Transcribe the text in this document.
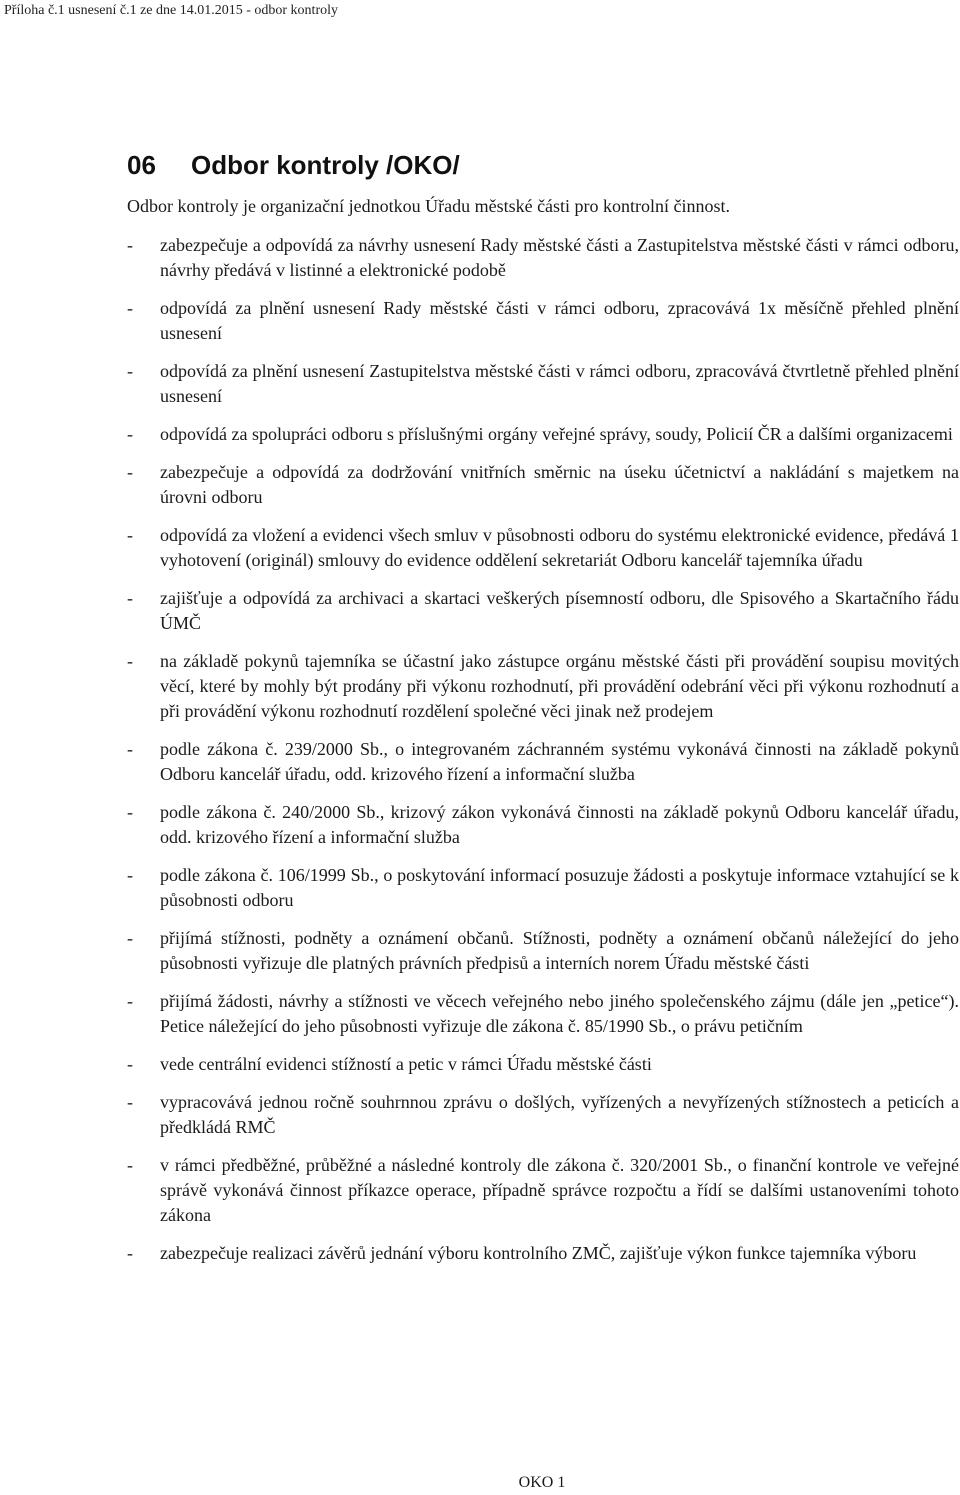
Příloha č.1 usnesení č.1 ze dne 14.01.2015 - odbor kontroly
06 Odbor kontroly /OKO/
Odbor kontroly je organizační jednotkou Úřadu městské části pro kontrolní činnost.
- zabezpečuje a odpovídá za návrhy usnesení Rady městské části a Zastupitelstva městské části v rámci odboru, návrhy předává v listinné a elektronické podobě
- odpovídá za plnění usnesení Rady městské části v rámci odboru, zpracovává 1x měsíčně přehled plnění usnesení
- odpovídá za plnění usnesení Zastupitelstva městské části v rámci odboru, zpracovává čtvrtletně přehled plnění usnesení
- odpovídá za spolupráci odboru s příslušnými orgány veřejné správy, soudy, Policií ČR a dalšími organizacemi
- zabezpečuje a odpovídá za dodržování vnitřních směrnic na úseku účetnictví a nakládání s majetkem na úrovni odboru
- odpovídá za vložení a evidenci všech smluv v působnosti odboru do systému elektronické evidence, předává 1 vyhotovení (originál) smlouvy do evidence oddělení sekretariát Odboru kancelář tajemníka úřadu
- zajišťuje a odpovídá za archivaci a skartaci veškerých písemností odboru, dle Spisového a Skartačního řádu ÚMČ
- na základě pokynů tajemníka se účastní jako zástupce orgánu městské části při provádění soupisu movitých věcí, které by mohly být prodány při výkonu rozhodnutí, při provádění odebrání věci při výkonu rozhodnutí a při provádění výkonu rozhodnutí rozdělení společné věci jinak než prodejem
- podle zákona č. 239/2000 Sb., o integrovaném záchranném systému vykonává činnosti na základě pokynů Odboru kancelář úřadu, odd. krizového řízení a informační služba
- podle zákona č. 240/2000 Sb., krizový zákon vykonává činnosti na základě pokynů Odboru kancelář úřadu, odd. krizového řízení a informační služba
- podle zákona č. 106/1999 Sb., o poskytování informací posuzuje žádosti a poskytuje informace vztahující se k působnosti odboru
- přijímá stížnosti, podněty a oznámení občanů. Stížnosti, podněty a oznámení občanů náležející do jeho působnosti vyřizuje dle platných právních předpisů a interních norem Úřadu městské části
- přijímá žádosti, návrhy a stížnosti ve věcech veřejného nebo jiného společenského zájmu (dále jen „petice“). Petice náležející do jeho působnosti vyřizuje dle zákona č. 85/1990 Sb., o právu petičním
- vede centrální evidenci stížností a petic v rámci Úřadu městské části
- vypracovává jednou ročně souhrnnou zprávu o došlých, vyřízených a nevyřízených stížnostech a peticích a předkládá RMČ
- v rámci předběžné, průběžné a následné kontroly dle zákona č. 320/2001 Sb., o finanční kontrole ve veřejné správě vykonává činnost příkazce operace, případně správce rozpočtu a řídí se dalšími ustanoveními tohoto zákona
- zabezpečuje realizaci závěrů jednání výboru kontrolního ZMČ, zajišťuje výkon funkce tajemníka výboru
OKO 1
